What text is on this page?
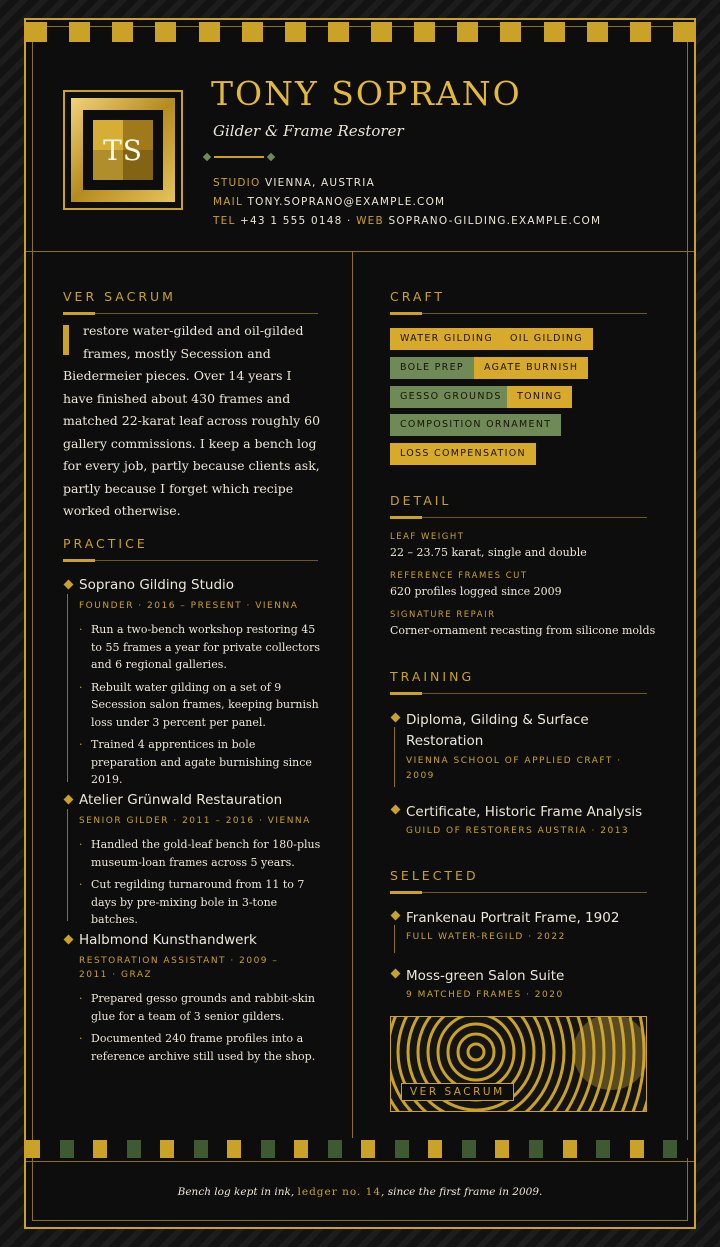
TS
TONY SOPRANO
Gilder & Frame Restorer
STUDIO VIENNA, AUSTRIA
MAIL TONY.SOPRANO@EXAMPLE.COM
TEL +43 1 555 0148 · WEB SOPRANO-GILDING.EXAMPLE.COM
VER SACRUM
restore water-gilded and oil-gilded frames, mostly Secession and Biedermeier pieces. Over 14 years I have finished about 430 frames and matched 22-karat leaf across roughly 60 gallery commissions. I keep a bench log for every job, partly because clients ask, partly because I forget which recipe worked otherwise.
PRACTICE
Soprano Gilding Studio
FOUNDER · 2016 – PRESENT · VIENNA
· Run a two-bench workshop restoring 45 to 55 frames a year for private collectors and 6 regional galleries.
· Rebuilt water gilding on a set of 9 Secession salon frames, keeping burnish loss under 3 percent per panel.
· Trained 4 apprentices in bole preparation and agate burnishing since 2019.
Atelier Grünwald Restauration
SENIOR GILDER · 2011 – 2016 · VIENNA
· Handled the gold-leaf bench for 180-plus museum-loan frames across 5 years.
· Cut regilding turnaround from 11 to 7 days by pre-mixing bole in 3-tone batches.
Halbmond Kunsthandwerk
RESTORATION ASSISTANT · 2009 – 2011 · GRAZ
· Prepared gesso grounds and rabbit-skin glue for a team of 3 senior gilders.
· Documented 240 frame profiles into a reference archive still used by the shop.
CRAFT
WATER GILDING	OIL GILDING
BOLE PREP	AGATE BURNISH
GESSO GROUNDS	TONING
COMPOSITION ORNAMENT
LOSS COMPENSATION
DETAIL
LEAF WEIGHT
22 – 23.75 karat, single and double
REFERENCE FRAMES CUT
620 profiles logged since 2009
SIGNATURE REPAIR
Corner-ornament recasting from silicone molds
TRAINING
Diploma, Gilding & Surface Restoration
VIENNA SCHOOL OF APPLIED CRAFT · 2009
Certificate, Historic Frame Analysis
GUILD OF RESTORERS AUSTRIA · 2013
SELECTED
Frankenau Portrait Frame, 1902
FULL WATER-REGILD · 2022
Moss-green Salon Suite
9 MATCHED FRAMES · 2020
VER SACRUM
Bench log kept in ink, ledger no. 14, since the first frame in 2009.
